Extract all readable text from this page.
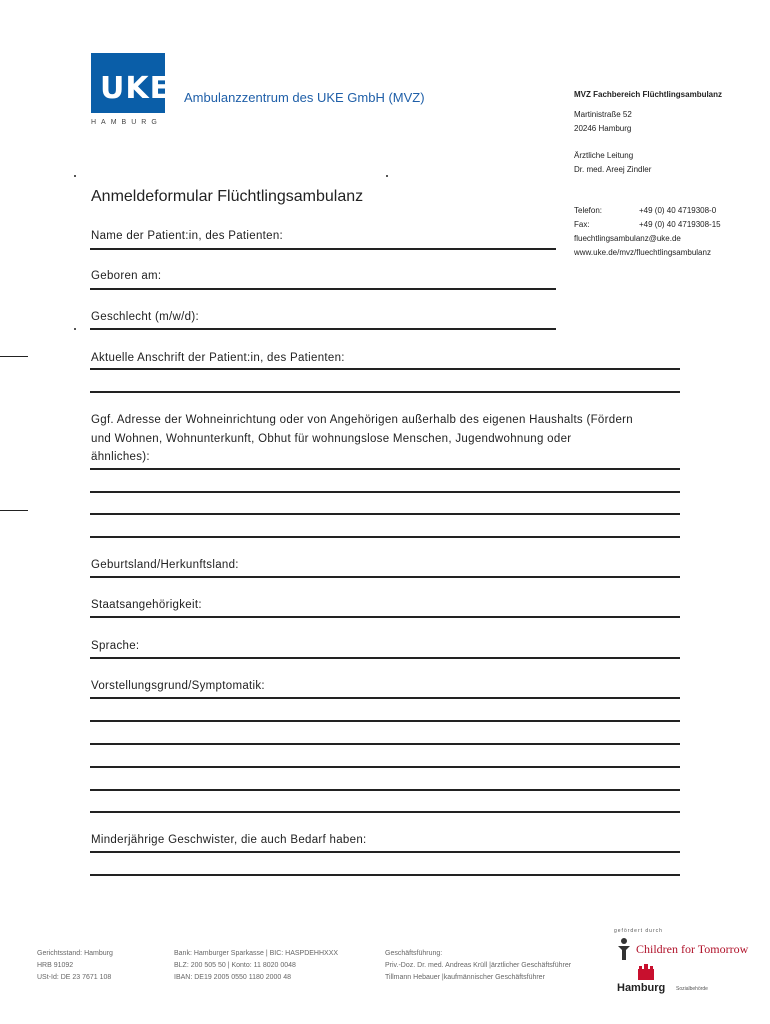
UKE
HAMBURG
Ambulanzzentrum des UKE GmbH (MVZ)	MVZ Fachbereich Flüchtlingsambulanz
Martinistraße 52
20246 Hamburg
Ärztliche Leitung
Dr. med. Areej Zindler
Telefon:	+49 (0) 40 4719308-0
Fax:	+49 (0) 40 4719308-15
fluechtlingsambulanz@uke.de
www.uke.de/mvz/fluechtlingsambulanz
Anmeldeformular Flüchtlingsambulanz
Name der Patient:in, des Patienten:
Geboren am:
Geschlecht (m/w/d):
Aktuelle Anschrift der Patient:in, des Patienten:
Ggf. Adresse der Wohneinrichtung oder von Angehörigen außerhalb des eigenen Haushalts (Fördern
und Wohnen, Wohnunterkunft, Obhut für wohnungslose Menschen, Jugendwohnung oder
ähnliches):
Geburtsland/Herkunftsland:
Staatsangehörigkeit:
Sprache:
Vorstellungsgrund/Symptomatik:
Minderjährige Geschwister, die auch Bedarf haben:
Gerichtsstand: Hamburg
HRB 91092
USt-Id: DE 23 7671 108
Bank: Hamburger Sparkasse | BIC: HASPDEHHXXX
BLZ: 200 505 50 | Konto: 11 8020 0048
IBAN: DE19 2005 0550 1180 2000 48
Geschäftsführung:
Priv.-Doz. Dr. med. Andreas Krüll |ärztlicher Geschäftsführer
Tillmann Hebauer |kaufmännischer Geschäftsführer
gefördert durch
Children for Tomorrow
Hamburg Sozialbehörde
